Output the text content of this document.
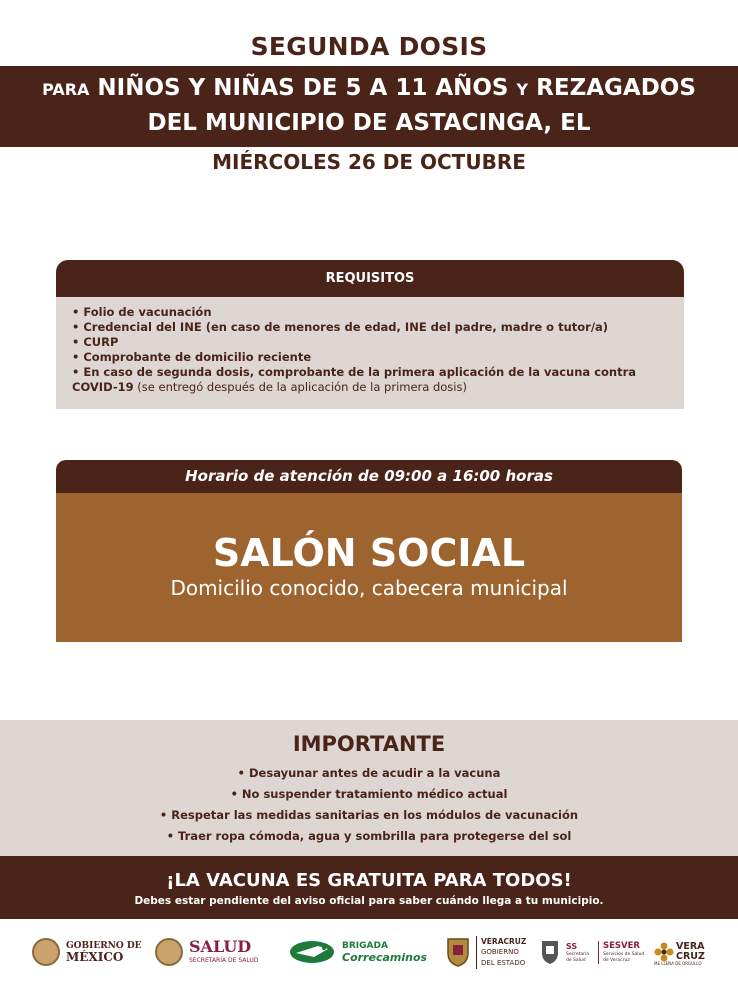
SEGUNDA DOSIS
PARA NIÑOS Y NIÑAS DE 5 A 11 AÑOS Y REZAGADOS
DEL MUNICIPIO DE ASTACINGA, EL
MIÉRCOLES 26 DE OCTUBRE
REQUISITOS
• Folio de vacunación
• Credencial del INE (en caso de menores de edad, INE del padre, madre o tutor/a)
• CURP
• Comprobante de domicilio reciente
• En caso de segunda dosis, comprobante de la primera aplicación de la vacuna contra
COVID-19 (se entregó después de la aplicación de la primera dosis)
Horario de atención de 09:00 a 16:00 horas
SALÓN SOCIAL
Domicilio conocido, cabecera municipal
IMPORTANTE
• Desayunar antes de acudir a la vacuna
• No suspender tratamiento médico actual
• Respetar las medidas sanitarias en los módulos de vacunación
• Traer ropa cómoda, agua y sombrilla para protegerse del sol
¡LA VACUNA ES GRATUITA PARA TODOS!
Debes estar pendiente del aviso oficial para saber cuándo llega a tu municipio.
GOBIERNO DE
MÉXICO
SALUD
SECRETARÍA DE SALUD
BRIGADA
Correcaminos
VERACRUZ
GOBIERNO
DEL ESTADO
SS
Secretaría de Salud
SESVER
Servicios de Salud de Veracruz
VERA
CRUZ
ME LLENA DE ORGULLO
